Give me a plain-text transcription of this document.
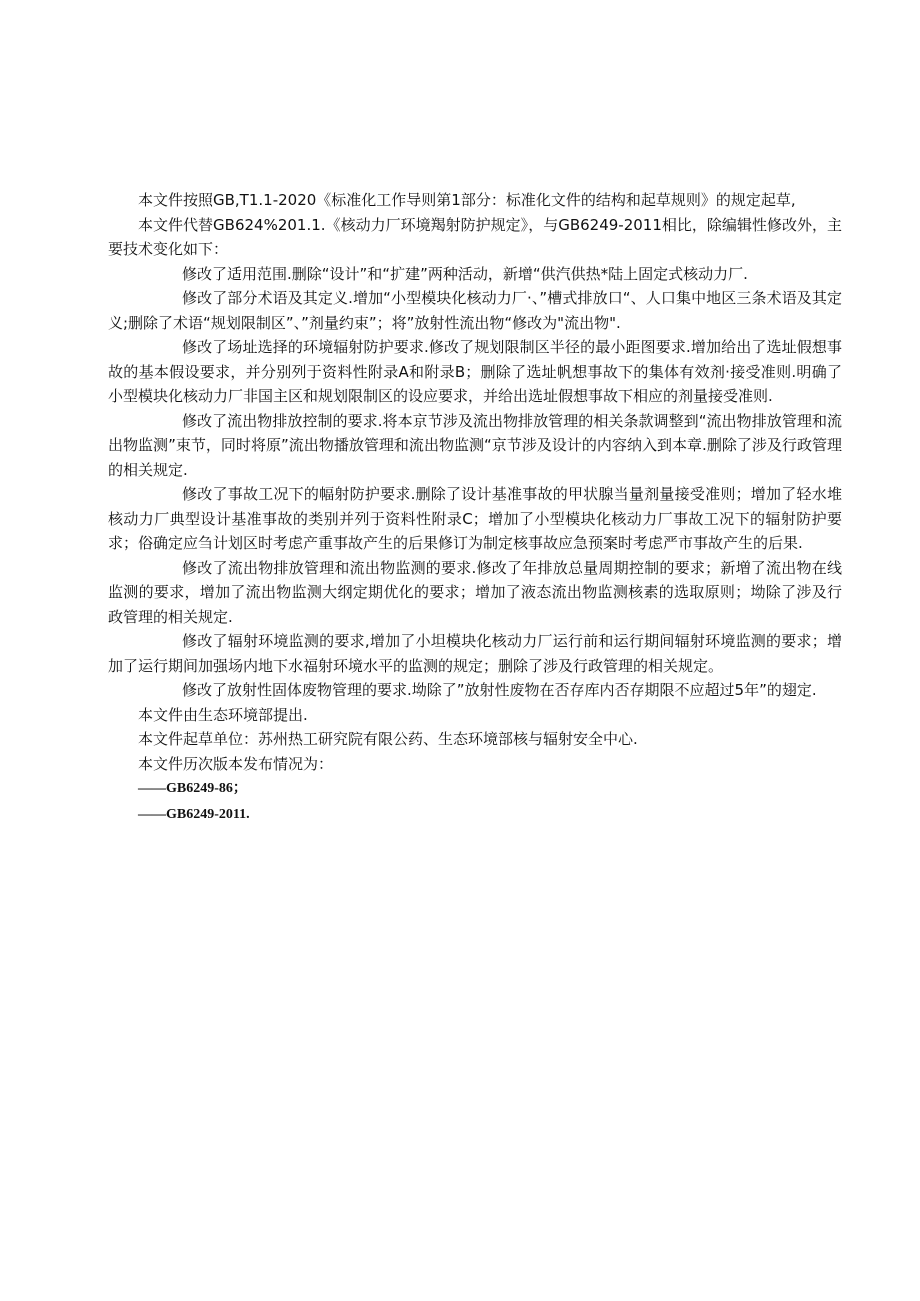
本文件按照GB,T1.1-2020《标准化工作导则第1部分：标准化文件的结构和起草规则》的规定起草,

本文件代替GB624%201.1.《核动力厂环境羯射防护规定》，与GB6249-2011相比，除编辑性修改外，主要技术变化如下：

修改了适用范围.删除“设计”和“扩建”两种活动，新增“供汽供热*陆上固定式核动力厂.

修改了部分术语及其定义.增加“小型模块化核动力厂·、”槽式排放口“、人口集中地区三条术语及其定义;删除了术语“规划限制区”、”剂量约束”；将”放射性流出物“修改为"流出物".

修改了场址选择的环境辐射防护要求.修改了规划限制区半径的最小距图要求.增加给出了选址假想事故的基本假设要求，并分别列于资料性附录A和附录B；删除了选址帆想事故下的集体有效剂·接受准则.明确了小型模块化核动力厂非国主区和规划限制区的设应要求，并给出选址假想事故下相应的剂量接受准则.

修改了流出物排放控制的要求.将本京节涉及流出物排放管理的相关条款调整到“流出物排放管理和流出物监测”束节，同时将原”流出物播放管理和流出物监测“京节涉及设计的内容纳入到本章.删除了涉及行政管理的相关规定.

修改了事故工况下的幅射防护要求.删除了设计基准事故的甲状腺当量剂量接受准则；增加了轻水堆核动力厂典型设计基准事故的类别并列于资料性附录C；增加了小型模块化核动力厂事故工况下的辐射防护要求；俗确定应刍计划区时考虑产重事故产生的后果修订为制定核事故应急预案时考虑严市事故产生的后果.

修改了流出物排放管理和流出物监测的要求.修改了年排放总量周期控制的要求；新増了流出物在线监测的要求，增加了流出物监测大纲定期优化的要求；增加了液态流出物监测核素的选取原则；坳除了涉及行政管理的相关规定.

修改了辐射环境监测的要求,增加了小坦模块化核动力厂运行前和运行期间辐射环境监测的要求；增加了运行期间加强场内地下水福射环境水平的监测的规定；删除了涉及行政管理的相关规定。

修改了放射性固体废物管理的要求.坳除了”放射性废物在否存库内否存期限不应超过5年”的翅定.

本文件由生态环境部提出.

本文件起草单位：苏州热工研究院有限公药、生态环境部核与辐射安全中心.

本文件历次版本发布情况为：

——GB6249-86；

——GB6249-2011.
